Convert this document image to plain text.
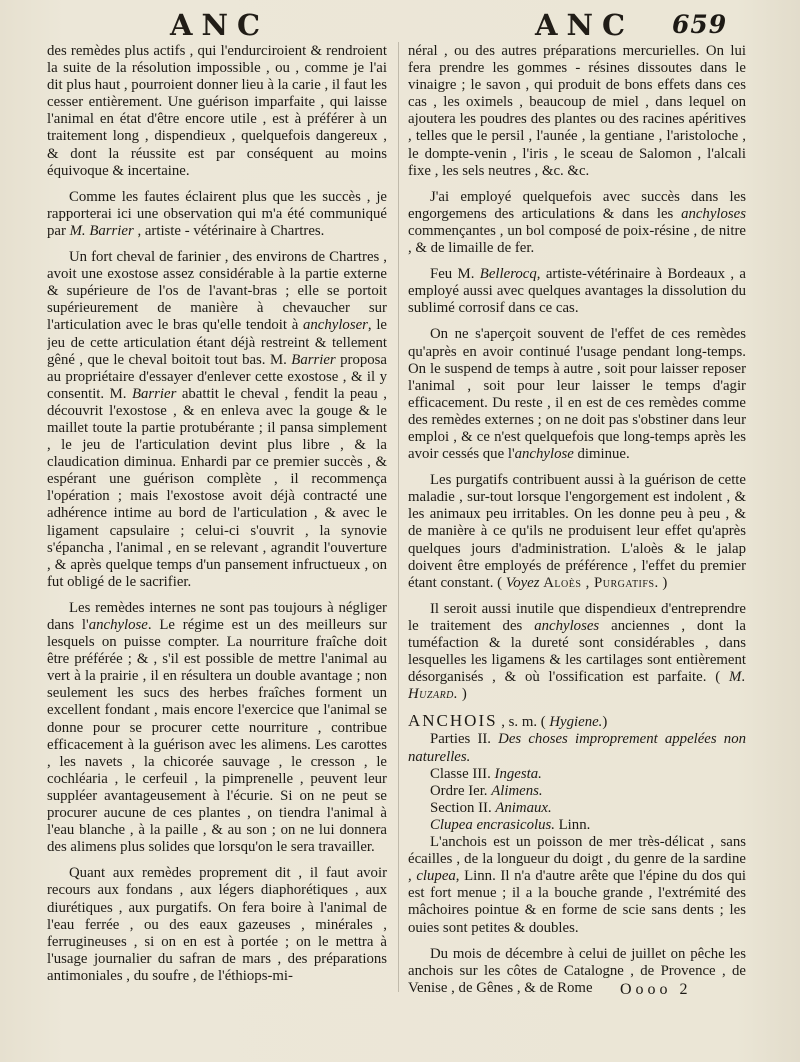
ANC	ANC 659

des remèdes plus actifs , qui l'endurciroient & rendroient la suite de la résolution impossible , ou , comme je l'ai dit plus haut , pourroient donner lieu à la carie , il faut les cesser entièrement. Une guérison imparfaite , qui laisse l'animal en état d'être encore utile , est à préférer à un traitement long , dispendieux , quelquefois dangereux , & dont la réussite est par conséquent au moins équivoque & incertaine.

Comme les fautes éclairent plus que les succès , je rapporterai ici une observation qui m'a été communiqué par M. Barrier , artiste - vétérinaire à Chartres.

Un fort cheval de farinier , des environs de Chartres , avoit une exostose assez considérable à la partie externe & supérieure de l'os de l'avant-bras ; elle se portoit supérieurement de manière à chevaucher sur l'articulation avec le bras qu'elle tendoit à anchyloser, le jeu de cette articulation étant déjà restreint & tellement gêné , que le cheval boitoit tout bas. M. Barrier proposa au propriétaire d'essayer d'enlever cette exostose , & il y consentit. M. Barrier abattit le cheval , fendit la peau , découvrit l'exostose , & en enleva avec la gouge & le maillet toute la partie protubérante ; il pansa simplement , le jeu de l'articulation devint plus libre , & la claudication diminua. Enhardi par ce premier succès , & espérant une guérison complète , il recommença l'opération ; mais l'exostose avoit déjà contracté une adhérence intime au bord de l'articulation , & avec le ligament capsulaire ; celui-ci s'ouvrit , la synovie s'épancha , l'animal , en se relevant , agrandit l'ouverture , & après quelque temps d'un pansement infructueux , on fut obligé de le sacrifier.

Les remèdes internes ne sont pas toujours à négliger dans l'anchylose. Le régime est un des meilleurs sur lesquels on puisse compter. La nourriture fraîche doit être préférée ; & , s'il est possible de mettre l'animal au vert à la prairie , il en résultera un double avantage ; non seulement les sucs des herbes fraîches forment un excellent fondant , mais encore l'exercice que l'animal se donne pour se procurer cette nourriture , contribue efficacement à la guérison avec les alimens. Les carottes , les navets , la chicorée sauvage , le cresson , le cochléaria , le cerfeuil , la pimprenelle , peuvent leur suppléer avantageusement à l'écurie. Si on ne peut se procurer aucune de ces plantes , on tiendra l'animal à l'eau blanche , à la paille , & au son ; on ne lui donnera des alimens plus solides que lorsqu'on le sera travailler.

Quant aux remèdes proprement dit , il faut avoir recours aux fondans , aux légers diaphorétiques , aux diurétiques , aux purgatifs. On fera boire à l'animal de l'eau ferrée , ou des eaux gazeuses , minérales , ferrugineuses , si on en est à portée ; on le mettra à l'usage journalier du safran de mars , des préparations antimoniales , du soufre , de l'éthiops-mi-

néral , ou des autres préparations mercurielles. On lui fera prendre les gommes - résines dissoutes dans le vinaigre ; le savon , qui produit de bons effets dans ces cas , les oximels , beaucoup de miel , dans lequel on ajoutera les poudres des plantes ou des racines apéritives , telles que le persil , l'aunée , la gentiane , l'aristoloche , le dompte-venin , l'iris , le sceau de Salomon , l'alcali fixe , les sels neutres , &c. &c.

J'ai employé quelquefois avec succès dans les engorgemens des articulations & dans les anchyloses commençantes , un bol composé de poix-résine , de nitre , & de limaille de fer.

Feu M. Bellerocq, artiste-vétérinaire à Bordeaux , a employé aussi avec quelques avantages la dissolution du sublimé corrosif dans ce cas.

On ne s'aperçoit souvent de l'effet de ces remèdes qu'après en avoir continué l'usage pendant long-temps. On le suspend de temps à autre , soit pour laisser reposer l'animal , soit pour leur laisser le temps d'agir efficacement. Du reste , il en est de ces remèdes comme des remèdes externes ; on ne doit pas s'obstiner dans leur emploi , & ce n'est quelquefois que long-temps après les avoir cessés que l'anchylose diminue.

Les purgatifs contribuent aussi à la guérison de cette maladie , sur-tout lorsque l'engorgement est indolent , & les animaux peu irritables. On les donne peu à peu , & de manière à ce qu'ils ne produisent leur effet qu'après quelques jours d'administration. L'aloès & le jalap doivent être employés de préférence , l'effet du premier étant constant. ( Voyez Aloès , Purgatifs. )

Il seroit aussi inutile que dispendieux d'entreprendre le traitement des anchyloses anciennes , dont la tuméfaction & la dureté sont considérables , dans lesquelles les ligamens & les cartilages sont entièrement désorganisés , & où l'ossification est parfaite. ( M. Huzard. )

ANCHOIS , s. m. ( Hygiene.)

Parties II. Des choses improprement appelées non naturelles.

Classe III. Ingesta.

Ordre Ier. Alimens.

Section II. Animaux.

Clupea encrasicolus. Linn.

L'anchois est un poisson de mer très-délicat , sans écailles , de la longueur du doigt , du genre de la sardine , clupea, Linn. Il n'a d'autre arête que l'épine du dos qui est fort menue ; il a la bouche grande , l'extrémité des mâchoires pointue & en forme de scie sans dents ; les ouies sont petites & doubles.

Du mois de décembre à celui de juillet on pêche les anchois sur les côtes de Catalogne , de Provence , de Venise , de Gênes , & de Rome	Oooo 2
